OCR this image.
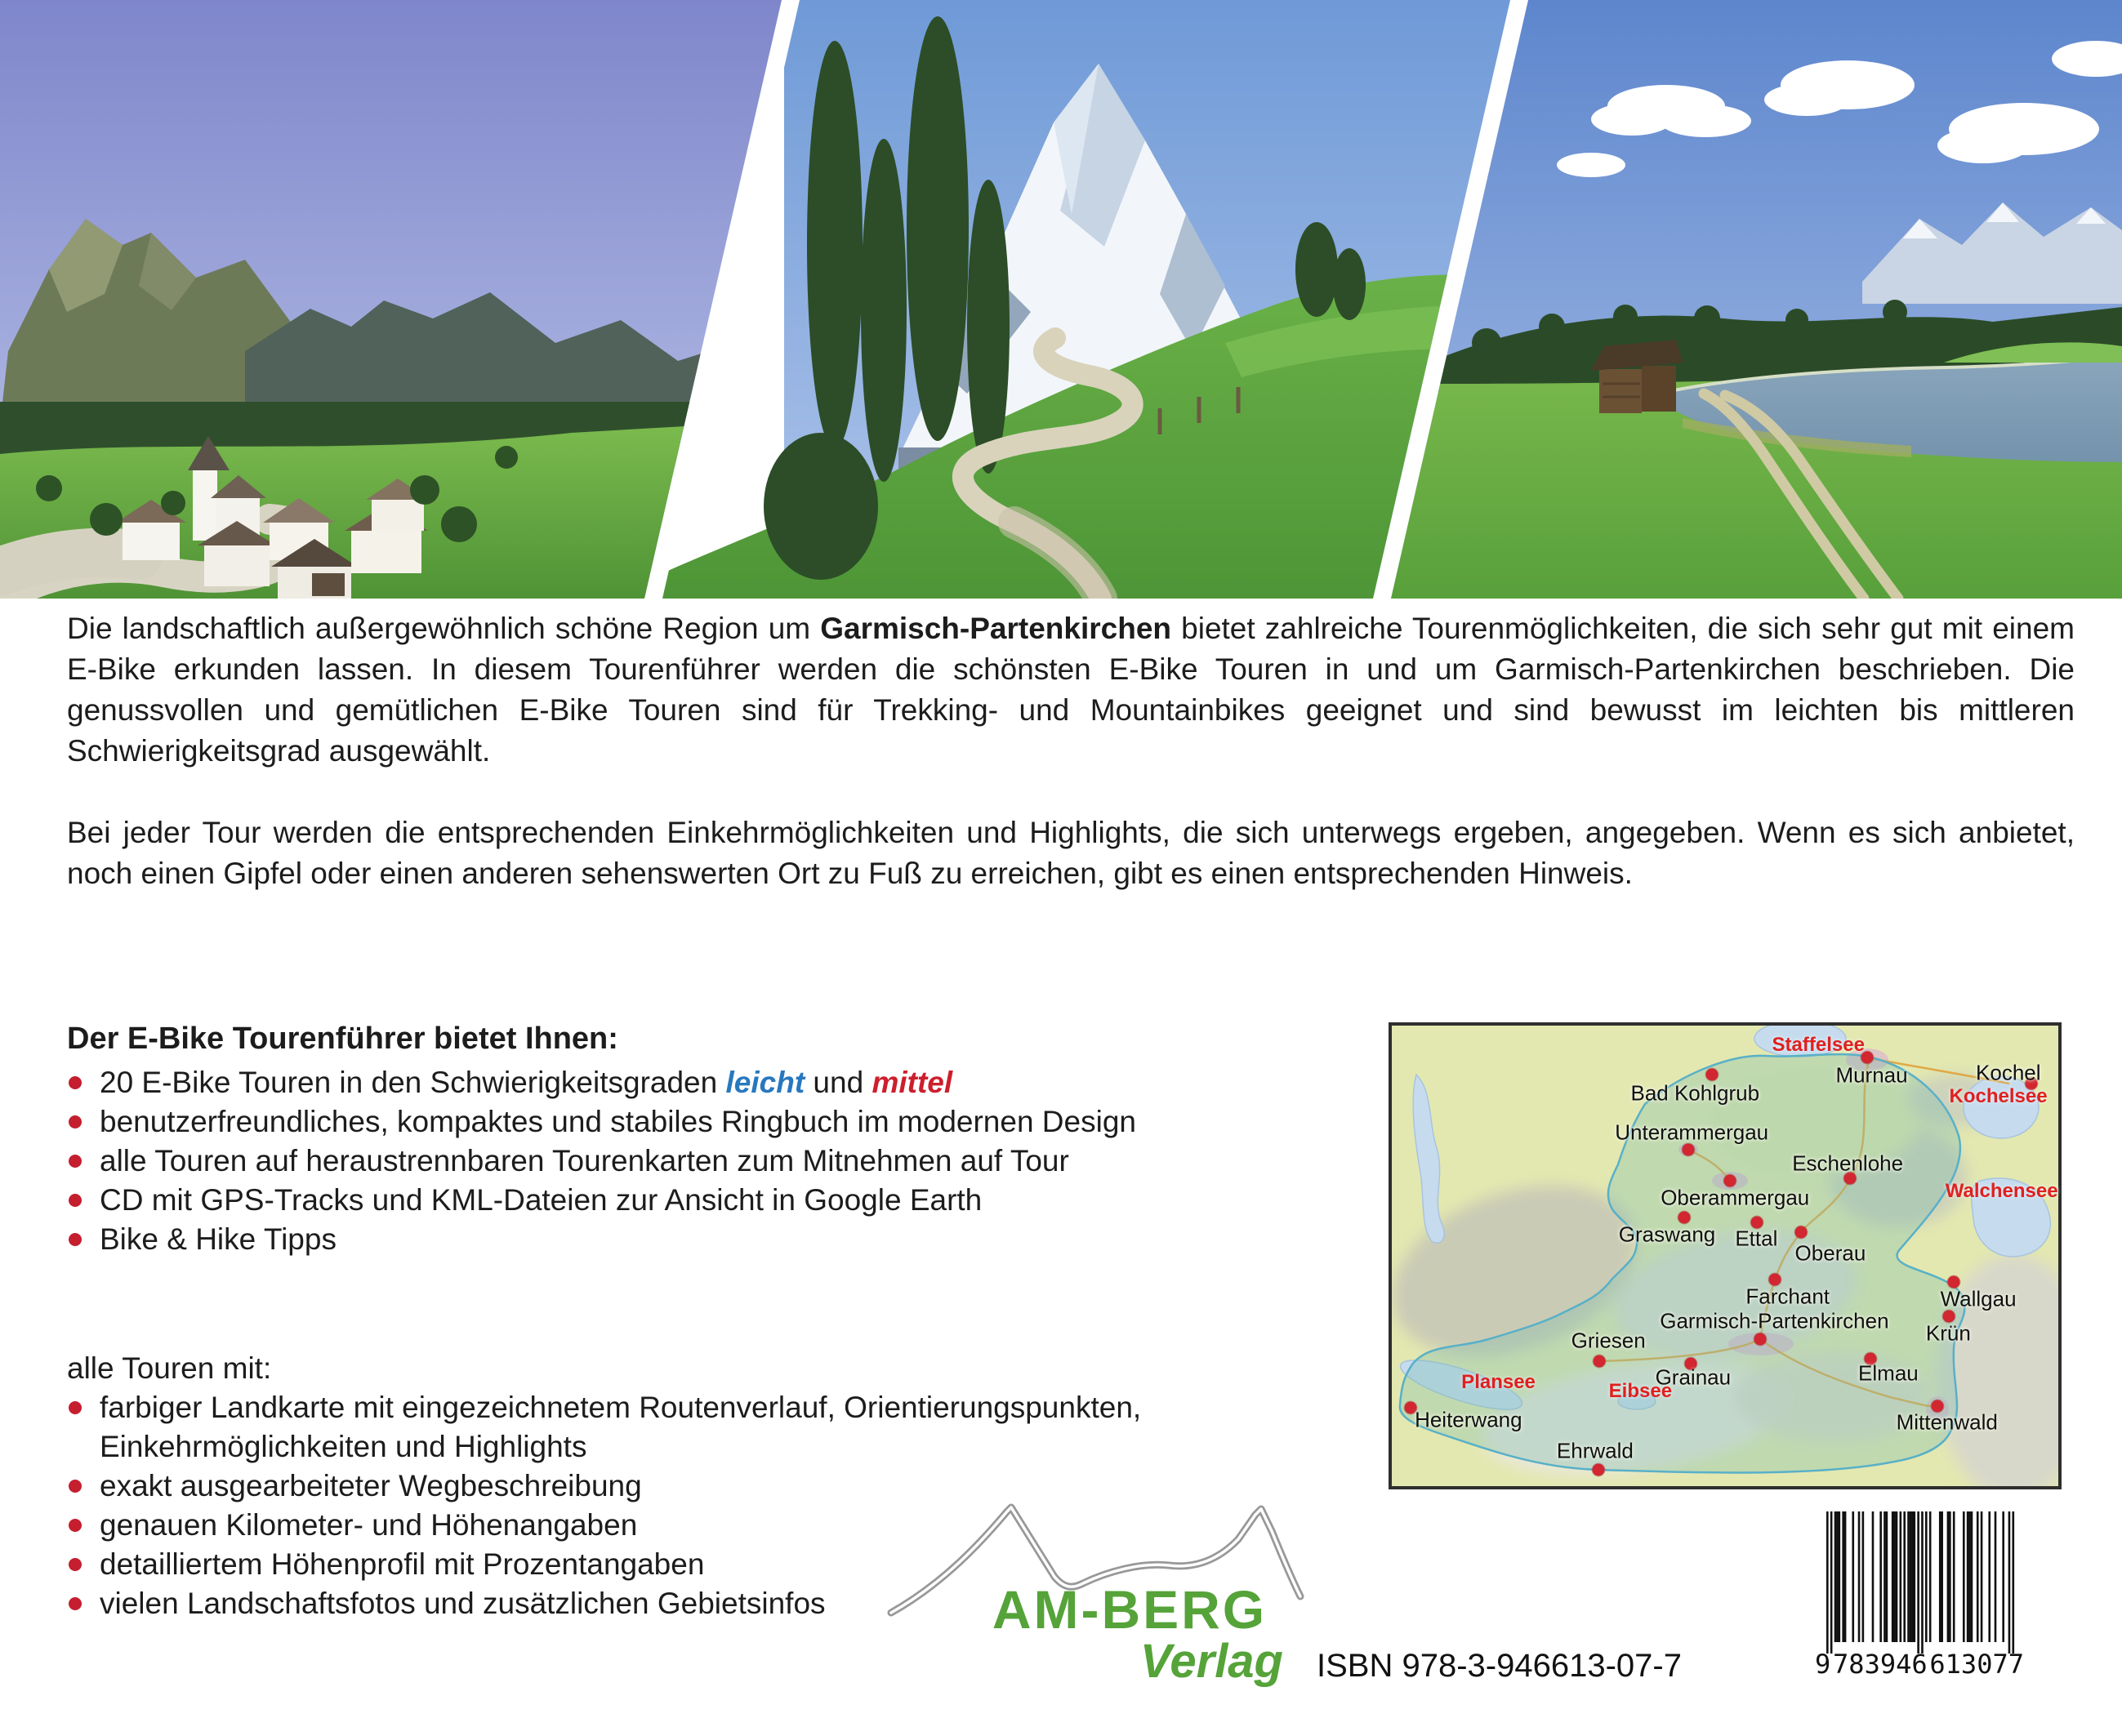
Die landschaftlich außergewöhnlich schöne Region um Garmisch-Partenkirchen bietet zahlreiche Tourenmöglichkeiten, die sich sehr gut mit einem E-Bike erkunden lassen. In diesem Tourenführer werden die schönsten E-Bike Touren in und um Garmisch-Partenkirchen beschrieben. Die genussvollen und gemütlichen E-Bike Touren sind für Trekking- und Mountainbikes geeignet und sind bewusst im leichten bis mittleren Schwierigkeitsgrad ausgewählt.
Bei jeder Tour werden die entsprechenden Einkehrmöglichkeiten und Highlights, die sich unterwegs ergeben, angegeben. Wenn es sich anbietet, noch einen Gipfel oder einen anderen sehenswerten Ort zu Fuß zu erreichen, gibt es einen entsprechenden Hinweis.
Der E-Bike Tourenführer bietet Ihnen:
20 E-Bike Touren in den Schwierigkeitsgraden leicht und mittel
benutzerfreundliches, kompaktes und stabiles Ringbuch im modernen Design
alle Touren auf heraustrennbaren Tourenkarten zum Mitnehmen auf Tour
CD mit GPS-Tracks und KML-Dateien zur Ansicht in Google Earth
Bike & Hike Tipps
alle Touren mit:
farbiger Landkarte mit eingezeichnetem Routenverlauf, Orientierungspunkten, Einkehrmöglichkeiten und Highlights
exakt ausgearbeiteter Wegbeschreibung
genauen Kilometer- und Höhenangaben
detailliertem Höhenprofil mit Prozentangaben
vielen Landschaftsfotos und zusätzlichen Gebietsinfos
Murnau
Bad Kohlgrub
Kochel
Unterammergau
Eschenlohe
Oberammergau
Graswang Ettal
Oberau
Farchant
Garmisch-Partenkirchen
Griesen
Grainau	Elmau
Wallgau
Krün
Mittenwald
Heiterwang
Ehrwald
Staffelsee
Kochelsee
Walchensee
Plansee	Eibsee
AM-BERG
Verlag ISBN 978-3-946613-07-7	9 783946 613077
